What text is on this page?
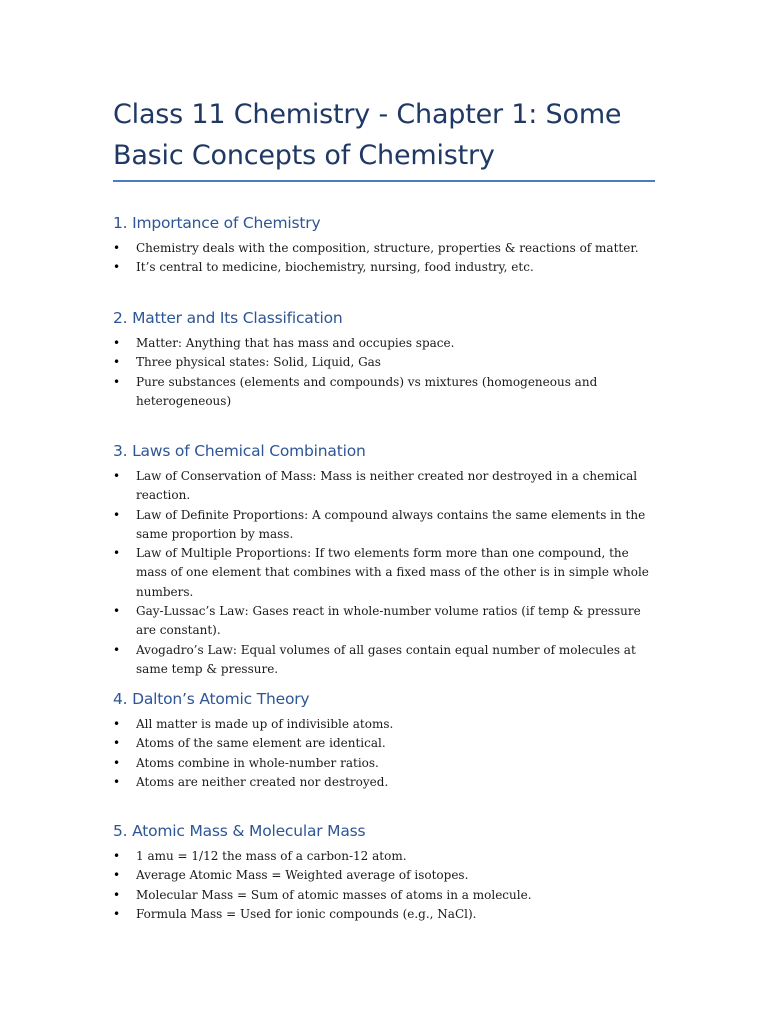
Class 11 Chemistry - Chapter 1: Some Basic Concepts of Chemistry
1. Importance of Chemistry
• Chemistry deals with the composition, structure, properties & reactions of matter.
• It’s central to medicine, biochemistry, nursing, food industry, etc.
2. Matter and Its Classification
• Matter: Anything that has mass and occupies space.
• Three physical states: Solid, Liquid, Gas
• Pure substances (elements and compounds) vs mixtures (homogeneous and heterogeneous)
3. Laws of Chemical Combination
• Law of Conservation of Mass: Mass is neither created nor destroyed in a chemical reaction.
• Law of Definite Proportions: A compound always contains the same elements in the same proportion by mass.
• Law of Multiple Proportions: If two elements form more than one compound, the mass of one element that combines with a fixed mass of the other is in simple whole numbers.
• Gay-Lussac’s Law: Gases react in whole-number volume ratios (if temp & pressure are constant).
• Avogadro’s Law: Equal volumes of all gases contain equal number of molecules at same temp & pressure.
4. Dalton’s Atomic Theory
• All matter is made up of indivisible atoms.
• Atoms of the same element are identical.
• Atoms combine in whole-number ratios.
• Atoms are neither created nor destroyed.
5. Atomic Mass & Molecular Mass
• 1 amu = 1/12 the mass of a carbon-12 atom.
• Average Atomic Mass = Weighted average of isotopes.
• Molecular Mass = Sum of atomic masses of atoms in a molecule.
• Formula Mass = Used for ionic compounds (e.g., NaCl).
